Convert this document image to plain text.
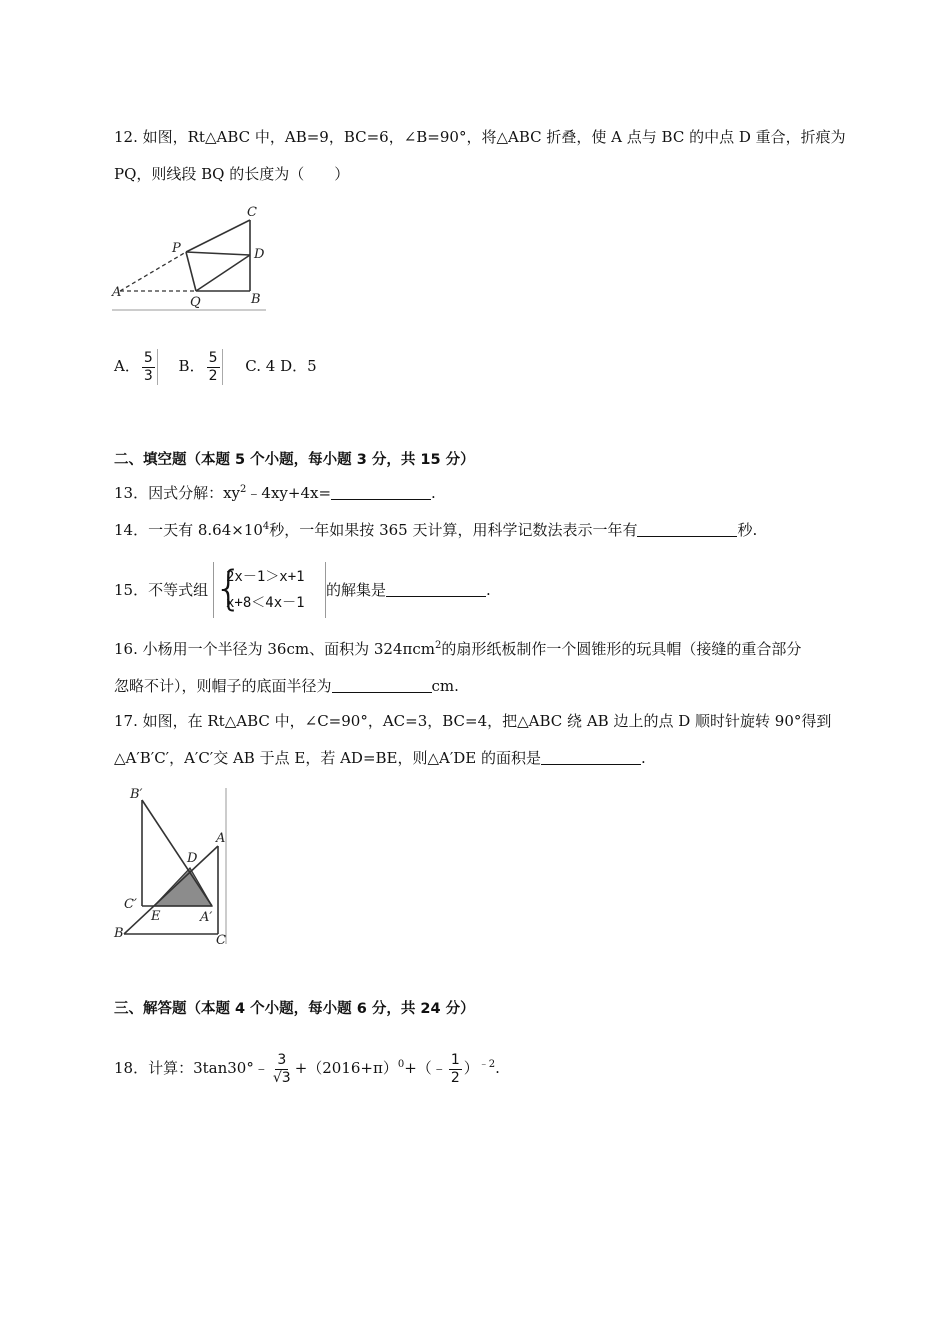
12. 如图，Rt△ABC 中，AB=9，BC=6，∠B=90°，将△ABC 折叠，使 A 点与 BC 的中点 D 重合，折痕为
PQ，则线段 BQ 的长度为（　　）
C
P	D
A
Q	B
A． $\frac{5}{3}$ B． $\frac{5}{2} C$. 4 D．5
二、填空题（本题 5 个小题，每小题 3 分，共 15 分）
13．因式分解：$xy^2﹣4xy+4x=$	.
14．一天有 $8.64\times 10^4$秒，一年如果按 365 天计算，用科学记数法表示一年有	秒.
15．不等式组 {
2x－1＞x+1
x+8＜4x－1
的解集是	.
16. 小杨用一个半径为 36cm、面积为 324πcm$^2$的扇形纸板制作一个圆锥形的玩具帽（接缝的重合部分
忽略不计），则帽子的底面半径为	cm.
17. 如图，在 Rt△ABC 中，∠C=90°，AC=3，BC=4，把△ABC 绕 AB 边上的点 D 顺时针旋转 90°得到
△A′B′C′，A′C′交 AB 于点 E，若 AD=BE，则△A′DE 的面积是	.
B′
A
D
C′
E	A′
B	C
三、解答题（本题 4 个小题，每小题 6 分，共 24 分）
18．计算：3tan30°﹣ $\frac{3}{√3}$ $+(2016+\pi)^0+(﹣ \frac{1}{2} )^{﹣2}$.
